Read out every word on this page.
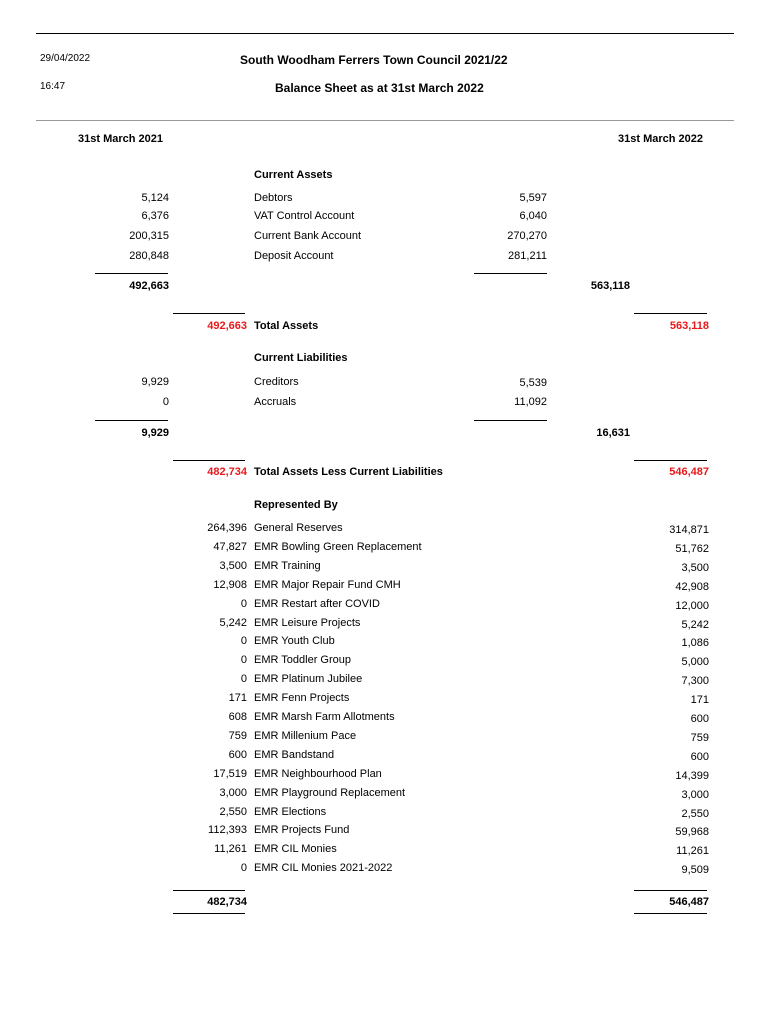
29/04/2022
16:47
South Woodham Ferrers Town Council 2021/22
Balance Sheet as at 31st March 2022
31st March 2021	31st March 2022
Current Assets
5,124	Debtors	5,597
6,376	VAT Control Account	6,040
200,315	Current Bank Account	270,270
280,848	Deposit Account	281,211
492,663	563,118
492,663 Total Assets	563,118
Current Liabilities
9,929	Creditors	5,539
0	Accruals	11,092
9,929	16,631
482,734 Total Assets Less Current Liabilities	546,487
Represented By
264,396 General Reserves	314,871
47,827 EMR Bowling Green Replacement	51,762
3,500 EMR Training	3,500
12,908 EMR Major Repair Fund CMH	42,908
0 EMR Restart after COVID	12,000
5,242 EMR Leisure Projects	5,242
0 EMR Youth Club	1,086
0 EMR Toddler Group	5,000
0 EMR Platinum Jubilee	7,300
171 EMR Fenn Projects	171
608 EMR Marsh Farm Allotments	600
759 EMR Millenium Pace	759
600 EMR Bandstand	600
17,519 EMR Neighbourhood Plan	14,399
3,000 EMR Playground Replacement	3,000
2,550 EMR Elections	2,550
112,393 EMR Projects Fund	59,968
11,261 EMR CIL Monies	11,261
0 EMR CIL Monies 2021-2022	9,509
482,734	546,487
